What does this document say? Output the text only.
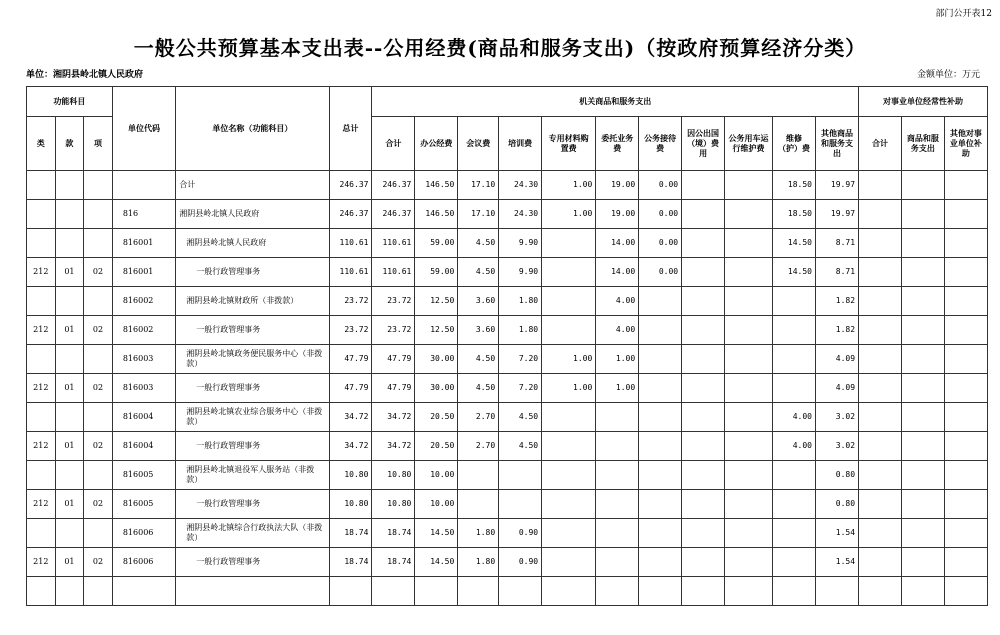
部门公开表12
一般公共预算基本支出表--公用经费(商品和服务支出)（按政府预算经济分类）
单位：湘阴县岭北镇人民政府	金额单位：万元
功能科目			单位代码	单位名称（功能科目）	总计	机关商品和服务支出											对事业单位经常性补助		
类	款	项				合计	办公经费	会议费	培训费	专用材料购置费	委托业务费	公务接待费	因公出国（境）费用	公务用车运行维护费	维修（护）费	其他商品和服务支出	合计	商品和服务支出	其他对事业单位补助
				合计	246.37	246.37	146.50	17.10	24.30	1.00	19.00	0.00			18.50	19.97			
			816	湘阴县岭北镇人民政府	246.37	246.37	146.50	17.10	24.30	1.00	19.00	0.00			18.50	19.97			
			816001	湘阴县岭北镇人民政府	110.61	110.61	59.00	4.50	9.90		14.00	0.00			14.50	8.71			
212	01	02	816001	一般行政管理事务	110.61	110.61	59.00	4.50	9.90		14.00	0.00			14.50	8.71			
			816002	湘阴县岭北镇财政所（非拨款）	23.72	23.72	12.50	3.60	1.80		4.00					1.82			
212	01	02	816002	一般行政管理事务	23.72	23.72	12.50	3.60	1.80		4.00					1.82			
			816003	湘阴县岭北镇政务便民服务中心（非拨款）	47.79	47.79	30.00	4.50	7.20	1.00	1.00					4.09			
212	01	02	816003	一般行政管理事务	47.79	47.79	30.00	4.50	7.20	1.00	1.00					4.09			
			816004	湘阴县岭北镇农业综合服务中心（非拨款）	34.72	34.72	20.50	2.70	4.50						4.00	3.02			
212	01	02	816004	一般行政管理事务	34.72	34.72	20.50	2.70	4.50						4.00	3.02			
			816005	湘阴县岭北镇退役军人服务站（非拨款）	10.80	10.80	10.00									0.80			
212	01	02	816005	一般行政管理事务	10.80	10.80	10.00									0.80			
			816006	湘阴县岭北镇综合行政执法大队（非拨款）	18.74	18.74	14.50	1.80	0.90							1.54			
212	01	02	816006	一般行政管理事务	18.74	18.74	14.50	1.80	0.90							1.54			
